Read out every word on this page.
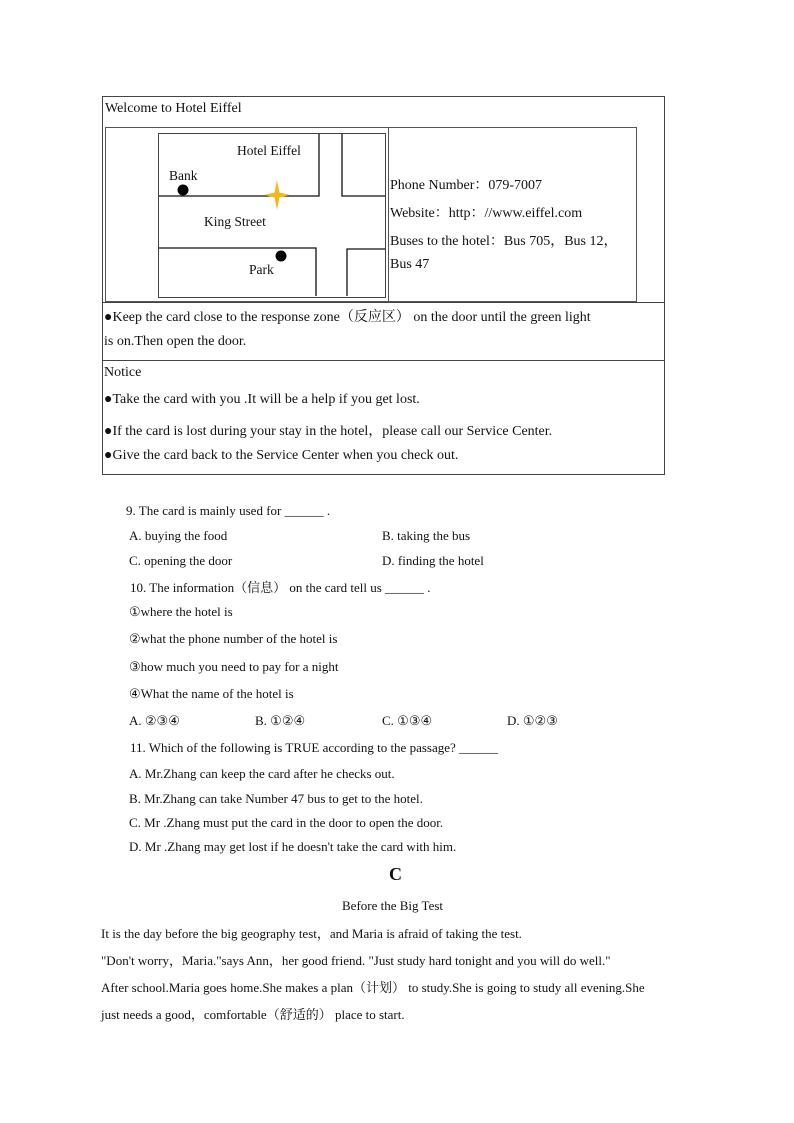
Welcome to Hotel Eiffel
Hotel Eiffel
Bank
King Street
Park
Phone Number：079-7007
Website：http：//www.eiffel.com
Buses to the hotel：Bus 705，Bus 12，
Bus 47
●Keep the card close to the response zone（反应区） on the door until the green light
is on.Then open the door.
Notice
●Take the card with you .It will be a help if you get lost.
●If the card is lost during your stay in the hotel，please call our Service Center.
●Give the card back to the Service Center when you check out.
9. The card is mainly used for ______ .
A. buying the food	B. taking the bus
C. opening the door	D. finding the hotel
10. The information（信息） on the card tell us ______ .
①where the hotel is
②what the phone number of the hotel is
③how much you need to pay for a night
④What the name of the hotel is
A. ②③④	B. ①②④	C. ①③④	D. ①②③
11. Which of the following is TRUE according to the passage? ______
A. Mr.Zhang can keep the card after he checks out.
B. Mr.Zhang can take Number 47 bus to get to the hotel.
C. Mr .Zhang must put the card in the door to open the door.
D. Mr .Zhang may get lost if he doesn't take the card with him.
C
Before the Big Test
It is the day before the big geography test，and Maria is afraid of taking the test.
"Don't worry，Maria."says Ann，her good friend. "Just study hard tonight and you will do well."
After school.Maria goes home.She makes a plan（计划） to study.She is going to study all evening.She
just needs a good，comfortable（舒适的） place to start.
